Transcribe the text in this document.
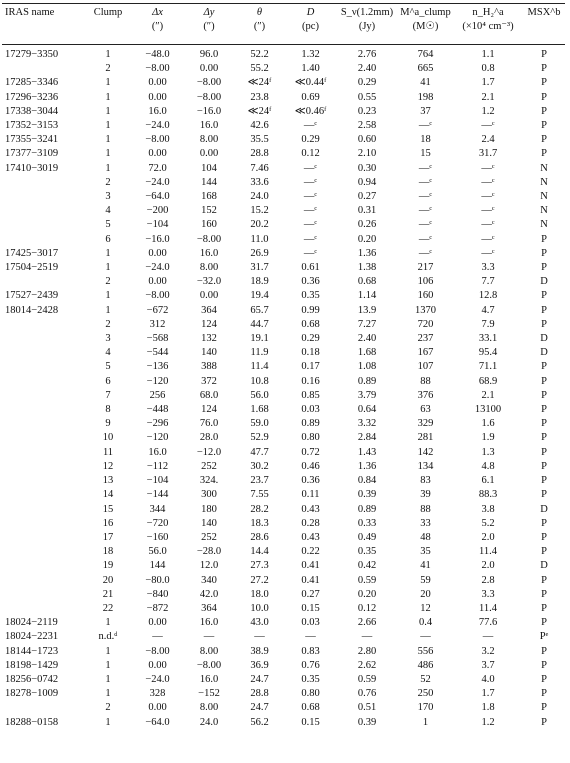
IRAS name	Clump	Δx	Δy	θ	D	S_ν(1.2mm)	M^a_clump	n_H₂^a	MSX^b
		(″)	(″)	(″)	(pc)	(Jy)	(M☉)	(×10⁴ cm⁻³)	
17279−3350	1	−48.0	96.0	52.2	1.32	2.76	764	1.1	P
	2	−8.00	0.00	55.2	1.40	2.40	665	0.8	P
17285−3346	1	0.00	−8.00	≪24ᶠ	≪0.44ᶠ	0.29	41	1.7	P
17296−3236	1	0.00	−8.00	23.8	0.69	0.55	198	2.1	P
17338−3044	1	16.0	−16.0	≪24ᶠ	≪0.46ᶠ	0.23	37	1.2	P
17352−3153	1	−24.0	16.0	42.6	—ᶜ	2.58	—ᶜ	—ᶜ	P
17355−3241	1	−8.00	8.00	35.5	0.29	0.60	18	2.4	P
17377−3109	1	0.00	0.00	28.8	0.12	2.10	15	31.7	P
17410−3019	1	72.0	104	7.46	—ᶜ	0.30	—ᶜ	—ᶜ	N
	2	−24.0	144	33.6	—ᶜ	0.94	—ᶜ	—ᶜ	N
	3	−64.0	168	24.0	—ᶜ	0.27	—ᶜ	—ᶜ	N
	4	−200	152	15.2	—ᶜ	0.31	—ᶜ	—ᶜ	N
	5	−104	160	20.2	—ᶜ	0.26	—ᶜ	—ᶜ	N
	6	−16.0	−8.00	11.0	—ᶜ	0.20	—ᶜ	—ᶜ	P
17425−3017	1	0.00	16.0	26.9	—ᶜ	1.36	—ᶜ	—ᶜ	P
17504−2519	1	−24.0	8.00	31.7	0.61	1.38	217	3.3	P
	2	0.00	−32.0	18.9	0.36	0.68	106	7.7	D
17527−2439	1	−8.00	0.00	19.4	0.35	1.14	160	12.8	P
18014−2428	1	−672	364	65.7	0.99	13.9	1370	4.7	P
	2	312	124	44.7	0.68	7.27	720	7.9	P
	3	−568	132	19.1	0.29	2.40	237	33.1	D
	4	−544	140	11.9	0.18	1.68	167	95.4	D
	5	−136	388	11.4	0.17	1.08	107	71.1	P
	6	−120	372	10.8	0.16	0.89	88	68.9	P
	7	256	68.0	56.0	0.85	3.79	376	2.1	P
	8	−448	124	1.68	0.03	0.64	63	13100	P
	9	−296	76.0	59.0	0.89	3.32	329	1.6	P
	10	−120	28.0	52.9	0.80	2.84	281	1.9	P
	11	16.0	−12.0	47.7	0.72	1.43	142	1.3	P
	12	−112	252	30.2	0.46	1.36	134	4.8	P
	13	−104	324.	23.7	0.36	0.84	83	6.1	P
	14	−144	300	7.55	0.11	0.39	39	88.3	P
	15	344	180	28.2	0.43	0.89	88	3.8	D
	16	−720	140	18.3	0.28	0.33	33	5.2	P
	17	−160	252	28.6	0.43	0.49	48	2.0	P
	18	56.0	−28.0	14.4	0.22	0.35	35	11.4	P
	19	144	12.0	27.3	0.41	0.42	41	2.0	D
	20	−80.0	340	27.2	0.41	0.59	59	2.8	P
	21	−840	42.0	18.0	0.27	0.20	20	3.3	P
	22	−872	364	10.0	0.15	0.12	12	11.4	P
18024−2119	1	0.00	16.0	43.0	0.03	2.66	0.4	77.6	P
18024−2231	n.d.ᵈ	—	—	—	—	—	—	—	Pᵉ
18144−1723	1	−8.00	8.00	38.9	0.83	2.80	556	3.2	P
18198−1429	1	0.00	−8.00	36.9	0.76	2.62	486	3.7	P
18256−0742	1	−24.0	16.0	24.7	0.35	0.59	52	4.0	P
18278−1009	1	328	−152	28.8	0.80	0.76	250	1.7	P
	2	0.00	8.00	24.7	0.68	0.51	170	1.8	P
18288−0158	1	−64.0	24.0	56.2	0.15	0.39	1	1.2	P
